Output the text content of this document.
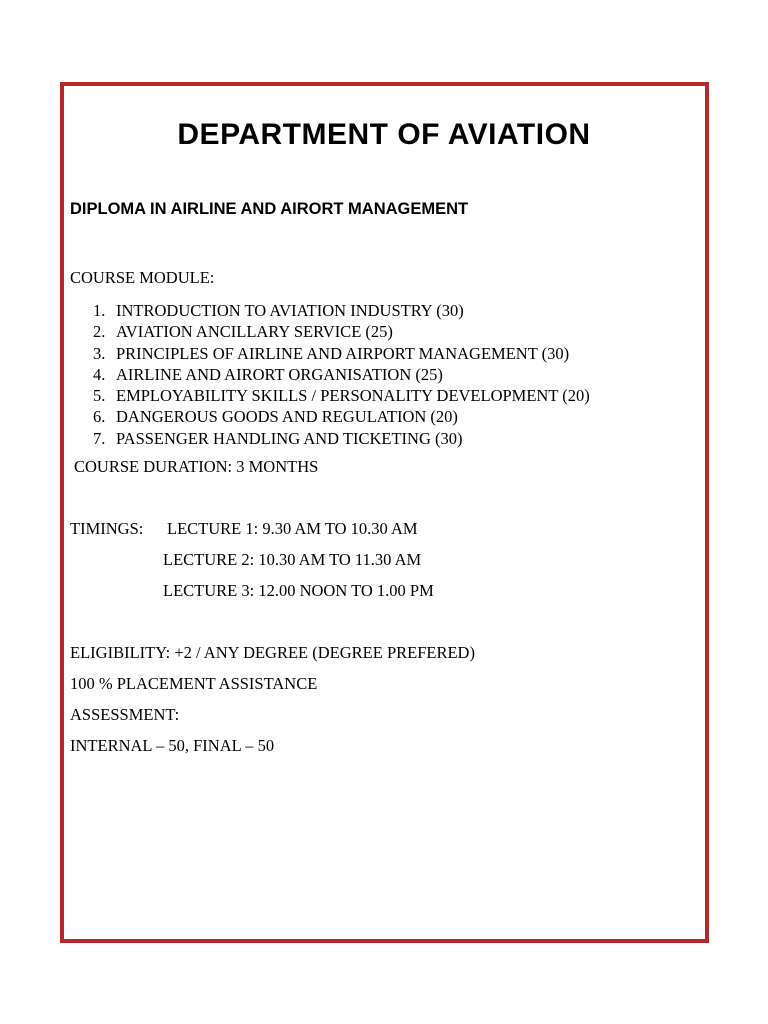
DEPARTMENT OF AVIATION
DIPLOMA IN AIRLINE AND AIRORT MANAGEMENT
COURSE MODULE:
1. INTRODUCTION TO AVIATION INDUSTRY (30)
2. AVIATION ANCILLARY SERVICE (25)
3. PRINCIPLES OF AIRLINE AND AIRPORT MANAGEMENT (30)
4. AIRLINE AND AIRORT ORGANISATION (25)
5. EMPLOYABILITY SKILLS / PERSONALITY DEVELOPMENT (20)
6. DANGEROUS GOODS AND REGULATION (20)
7. PASSENGER HANDLING AND TICKETING (30)
COURSE DURATION: 3 MONTHS
TIMINGS: LECTURE 1: 9.30 AM TO 10.30 AM
LECTURE 2: 10.30 AM TO 11.30 AM
LECTURE 3: 12.00 NOON TO 1.00 PM
ELIGIBILITY: +2 / ANY DEGREE (DEGREE PREFERED)
100 % PLACEMENT ASSISTANCE
ASSESSMENT:
INTERNAL – 50, FINAL – 50
